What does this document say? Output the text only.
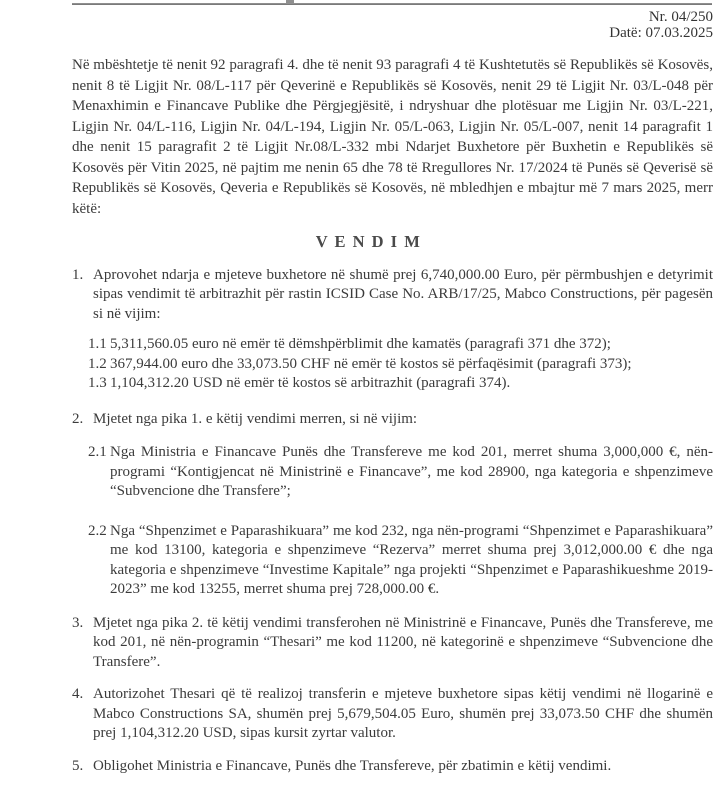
Nr. 04/250
Datë: 07.03.2025

Në mbështetje të nenit 92 paragrafi 4. dhe të nenit 93 paragrafi 4 të Kushtetutës së Republikës së Kosovës, nenit 8 të Ligjit Nr. 08/L-117 për Qeverinë e Republikës së Kosovës, nenit 29 të Ligjit Nr. 03/L-048 për Menaxhimin e Financave Publike dhe Përgjegjësitë, i ndryshuar dhe plotësuar me Ligjin Nr. 03/L-221, Ligjin Nr. 04/L-116, Ligjin Nr. 04/L-194, Ligjin Nr. 05/L-063, Ligjin Nr. 05/L-007, nenit 14 paragrafit 1 dhe nenit 15 paragrafit 2 të Ligjit Nr.08/L-332 mbi Ndarjet Buxhetore për Buxhetin e Republikës së Kosovës për Vitin 2025, në pajtim me nenin 65 dhe 78 të Rregullores Nr. 17/2024 të Punës së Qeverisë së Republikës së Kosovës, Qeveria e Republikës së Kosovës, në mbledhjen e mbajtur më 7 mars 2025, merr këtë:

V E N D I M
1. Aprovohet ndarja e mjeteve buxhetore në shumë prej 6,740,000.00 Euro, për përmbushjen e detyrimit sipas vendimit të arbitrazhit për rastin ICSID Case No. ARB/17/25, Mabco Constructions, për pagesën si në vijim:
1.1 5,311,560.05 euro në emër të dëmshpërblimit dhe kamatës (paragrafi 371 dhe 372);
1.2 367,944.00 euro dhe 33,073.50 CHF në emër të kostos së përfaqësimit (paragrafi 373);
1.3 1,104,312.20 USD në emër të kostos së arbitrazhit (paragrafi 374).
2. Mjetet nga pika 1. e këtij vendimi merren, si në vijim:
2.1 Nga Ministria e Financave Punës dhe Transfereve me kod 201, merret shuma 3,000,000 €, nën-programi “Kontigjencat në Ministrinë e Financave”, me kod 28900, nga kategoria e shpenzimeve “Subvencione dhe Transfere”;
2.2 Nga “Shpenzimet e Paparashikuara” me kod 232, nga nën-programi “Shpenzimet e Paparashikuara” me kod 13100, kategoria e shpenzimeve “Rezerva” merret shuma prej 3,012,000.00 € dhe nga kategoria e shpenzimeve “Investime Kapitale” nga projekti “Shpenzimet e Paparashikueshme 2019-2023” me kod 13255, merret shuma prej 728,000.00 €.
3. Mjetet nga pika 2. të këtij vendimi transferohen në Ministrinë e Financave, Punës dhe Transfereve, me kod 201, në nën-programin “Thesari” me kod 11200, në kategorinë e shpenzimeve “Subvencione dhe Transfere”.
4. Autorizohet Thesari që të realizoj transferin e mjeteve buxhetore sipas këtij vendimi në llogarinë e Mabco Constructions SA, shumën prej 5,679,504.05 Euro, shumën prej 33,073.50 CHF dhe shumën prej 1,104,312.20 USD, sipas kursit zyrtar valutor.
5. Obligohet Ministria e Financave, Punës dhe Transfereve, për zbatimin e këtij vendimi.
